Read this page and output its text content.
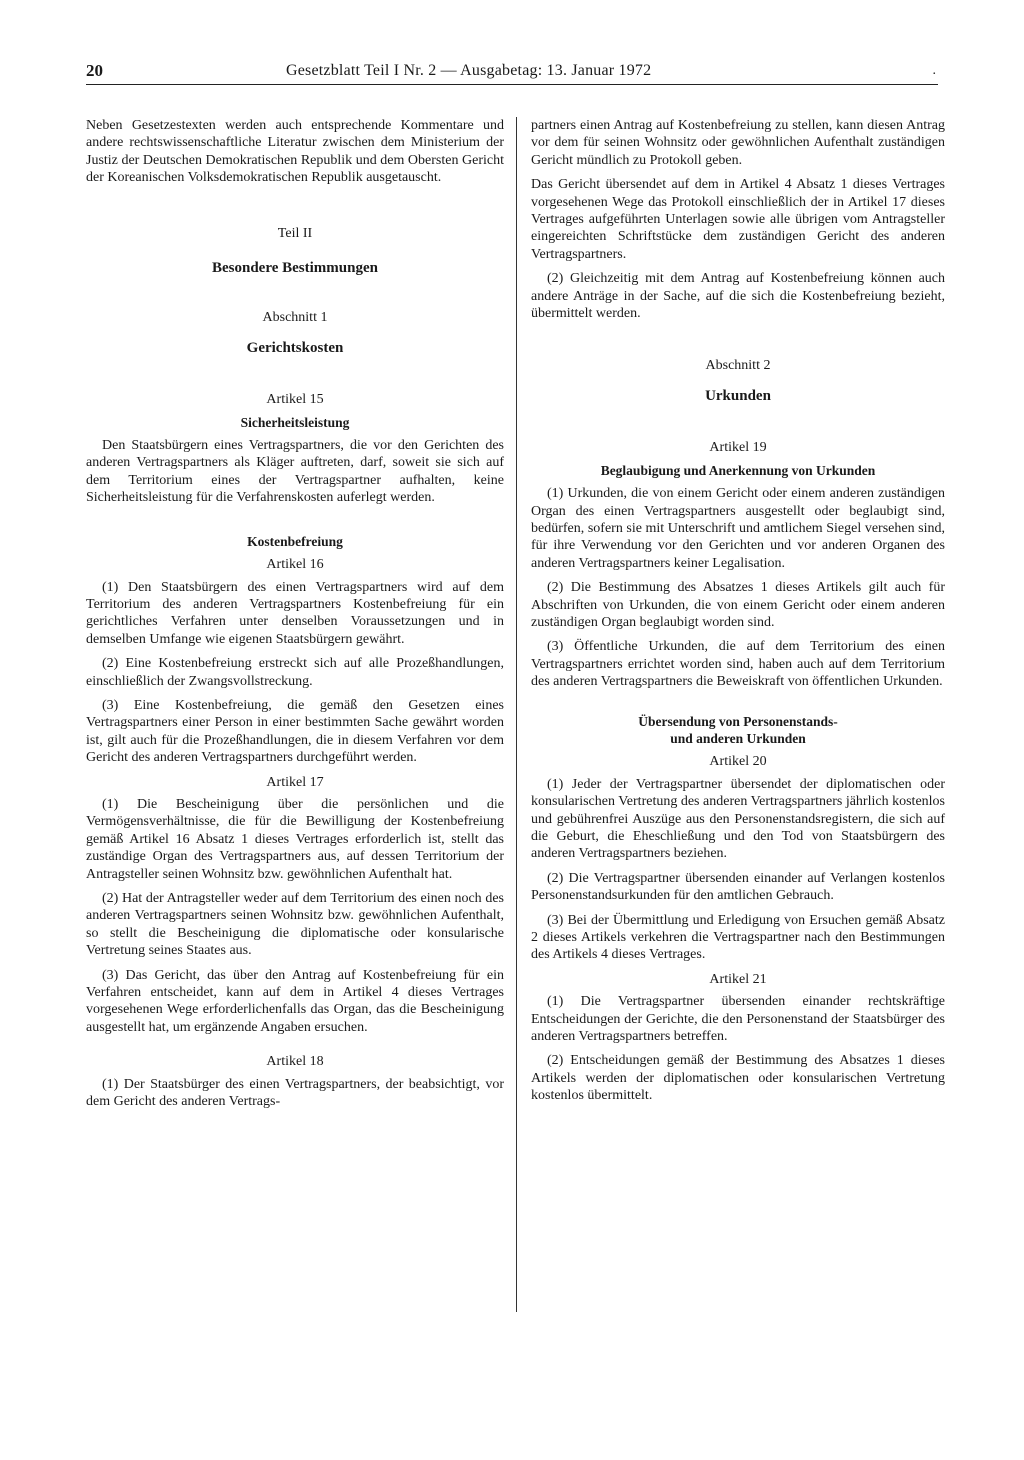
20	Gesetzblatt Teil I Nr. 2 — Ausgabetag: 13. Januar 1972	.

Neben Gesetzestexten werden auch entsprechende Kommentare und andere rechtswissenschaftliche Literatur zwischen dem Ministerium der Justiz der Deutschen Demokratischen Republik und dem Obersten Gericht der Koreanischen Volksdemokratischen Republik ausgetauscht.

Teil II
Besondere Bestimmungen
Abschnitt 1
Gerichtskosten
Artikel 15
Sicherheitsleistung

Den Staatsbürgern eines Vertragspartners, die vor den Gerichten des anderen Vertragspartners als Kläger auftreten, darf, soweit sie sich auf dem Territorium eines der Vertragspartner aufhalten, keine Sicherheitsleistung für die Verfahrenskosten auferlegt werden.

Kostenbefreiung
Artikel 16

(1) Den Staatsbürgern des einen Vertragspartners wird auf dem Territorium des anderen Vertragspartners Kostenbefreiung für ein gerichtliches Verfahren unter denselben Voraussetzungen und in demselben Umfange wie eigenen Staatsbürgern gewährt.

(2) Eine Kostenbefreiung erstreckt sich auf alle Prozeßhandlungen, einschließlich der Zwangsvollstreckung.

(3) Eine Kostenbefreiung, die gemäß den Gesetzen eines Vertragspartners einer Person in einer bestimmten Sache gewährt worden ist, gilt auch für die Prozeßhandlungen, die in diesem Verfahren vor dem Gericht des anderen Vertragspartners durchgeführt werden.

Artikel 17

(1) Die Bescheinigung über die persönlichen und die Vermögensverhältnisse, die für die Bewilligung der Kostenbefreiung gemäß Artikel 16 Absatz 1 dieses Vertrages erforderlich ist, stellt das zuständige Organ des Vertragspartners aus, auf dessen Territorium der Antragsteller seinen Wohnsitz bzw. gewöhnlichen Aufenthalt hat.

(2) Hat der Antragsteller weder auf dem Territorium des einen noch des anderen Vertragspartners seinen Wohnsitz bzw. gewöhnlichen Aufenthalt, so stellt die Bescheinigung die diplomatische oder konsularische Vertretung seines Staates aus.

(3) Das Gericht, das über den Antrag auf Kostenbefreiung für ein Verfahren entscheidet, kann auf dem in Artikel 4 dieses Vertrages vorgesehenen Wege erforderlichenfalls das Organ, das die Bescheinigung ausgestellt hat, um ergänzende Angaben ersuchen.

Artikel 18

(1) Der Staatsbürger des einen Vertragspartners, der beabsichtigt, vor dem Gericht des anderen Vertrags-

partners einen Antrag auf Kostenbefreiung zu stellen, kann diesen Antrag vor dem für seinen Wohnsitz oder gewöhnlichen Aufenthalt zuständigen Gericht mündlich zu Protokoll geben.

Das Gericht übersendet auf dem in Artikel 4 Absatz 1 dieses Vertrages vorgesehenen Wege das Protokoll einschließlich der in Artikel 17 dieses Vertrages aufgeführten Unterlagen sowie alle übrigen vom Antragsteller eingereichten Schriftstücke dem zuständigen Gericht des anderen Vertragspartners.

(2) Gleichzeitig mit dem Antrag auf Kostenbefreiung können auch andere Anträge in der Sache, auf die sich die Kostenbefreiung bezieht, übermittelt werden.

Abschnitt 2
Urkunden
Artikel 19
Beglaubigung und Anerkennung von Urkunden

(1) Urkunden, die von einem Gericht oder einem anderen zuständigen Organ des einen Vertragspartners ausgestellt oder beglaubigt sind, bedürfen, sofern sie mit Unterschrift und amtlichem Siegel versehen sind, für ihre Verwendung vor den Gerichten und vor anderen Organen des anderen Vertragspartners keiner Legalisation.

(2) Die Bestimmung des Absatzes 1 dieses Artikels gilt auch für Abschriften von Urkunden, die von einem Gericht oder einem anderen zuständigen Organ beglaubigt worden sind.

(3) Öffentliche Urkunden, die auf dem Territorium des einen Vertragspartners errichtet worden sind, haben auch auf dem Territorium des anderen Vertragspartners die Beweiskraft von öffentlichen Urkunden.

Übersendung von Personenstands-
und anderen Urkunden
Artikel 20

(1) Jeder der Vertragspartner übersendet der diplomatischen oder konsularischen Vertretung des anderen Vertragspartners jährlich kostenlos und gebührenfrei Auszüge aus den Personenstandsregistern, die sich auf die Geburt, die Eheschließung und den Tod von Staatsbürgern des anderen Vertragspartners beziehen.

(2) Die Vertragspartner übersenden einander auf Verlangen kostenlos Personenstandsurkunden für den amtlichen Gebrauch.

(3) Bei der Übermittlung und Erledigung von Ersuchen gemäß Absatz 2 dieses Artikels verkehren die Vertragspartner nach den Bestimmungen des Artikels 4 dieses Vertrages.

Artikel 21

(1) Die Vertragspartner übersenden einander rechtskräftige Entscheidungen der Gerichte, die den Personenstand der Staatsbürger des anderen Vertragspartners betreffen.

(2) Entscheidungen gemäß der Bestimmung des Absatzes 1 dieses Artikels werden der diplomatischen oder konsularischen Vertretung kostenlos übermittelt.
